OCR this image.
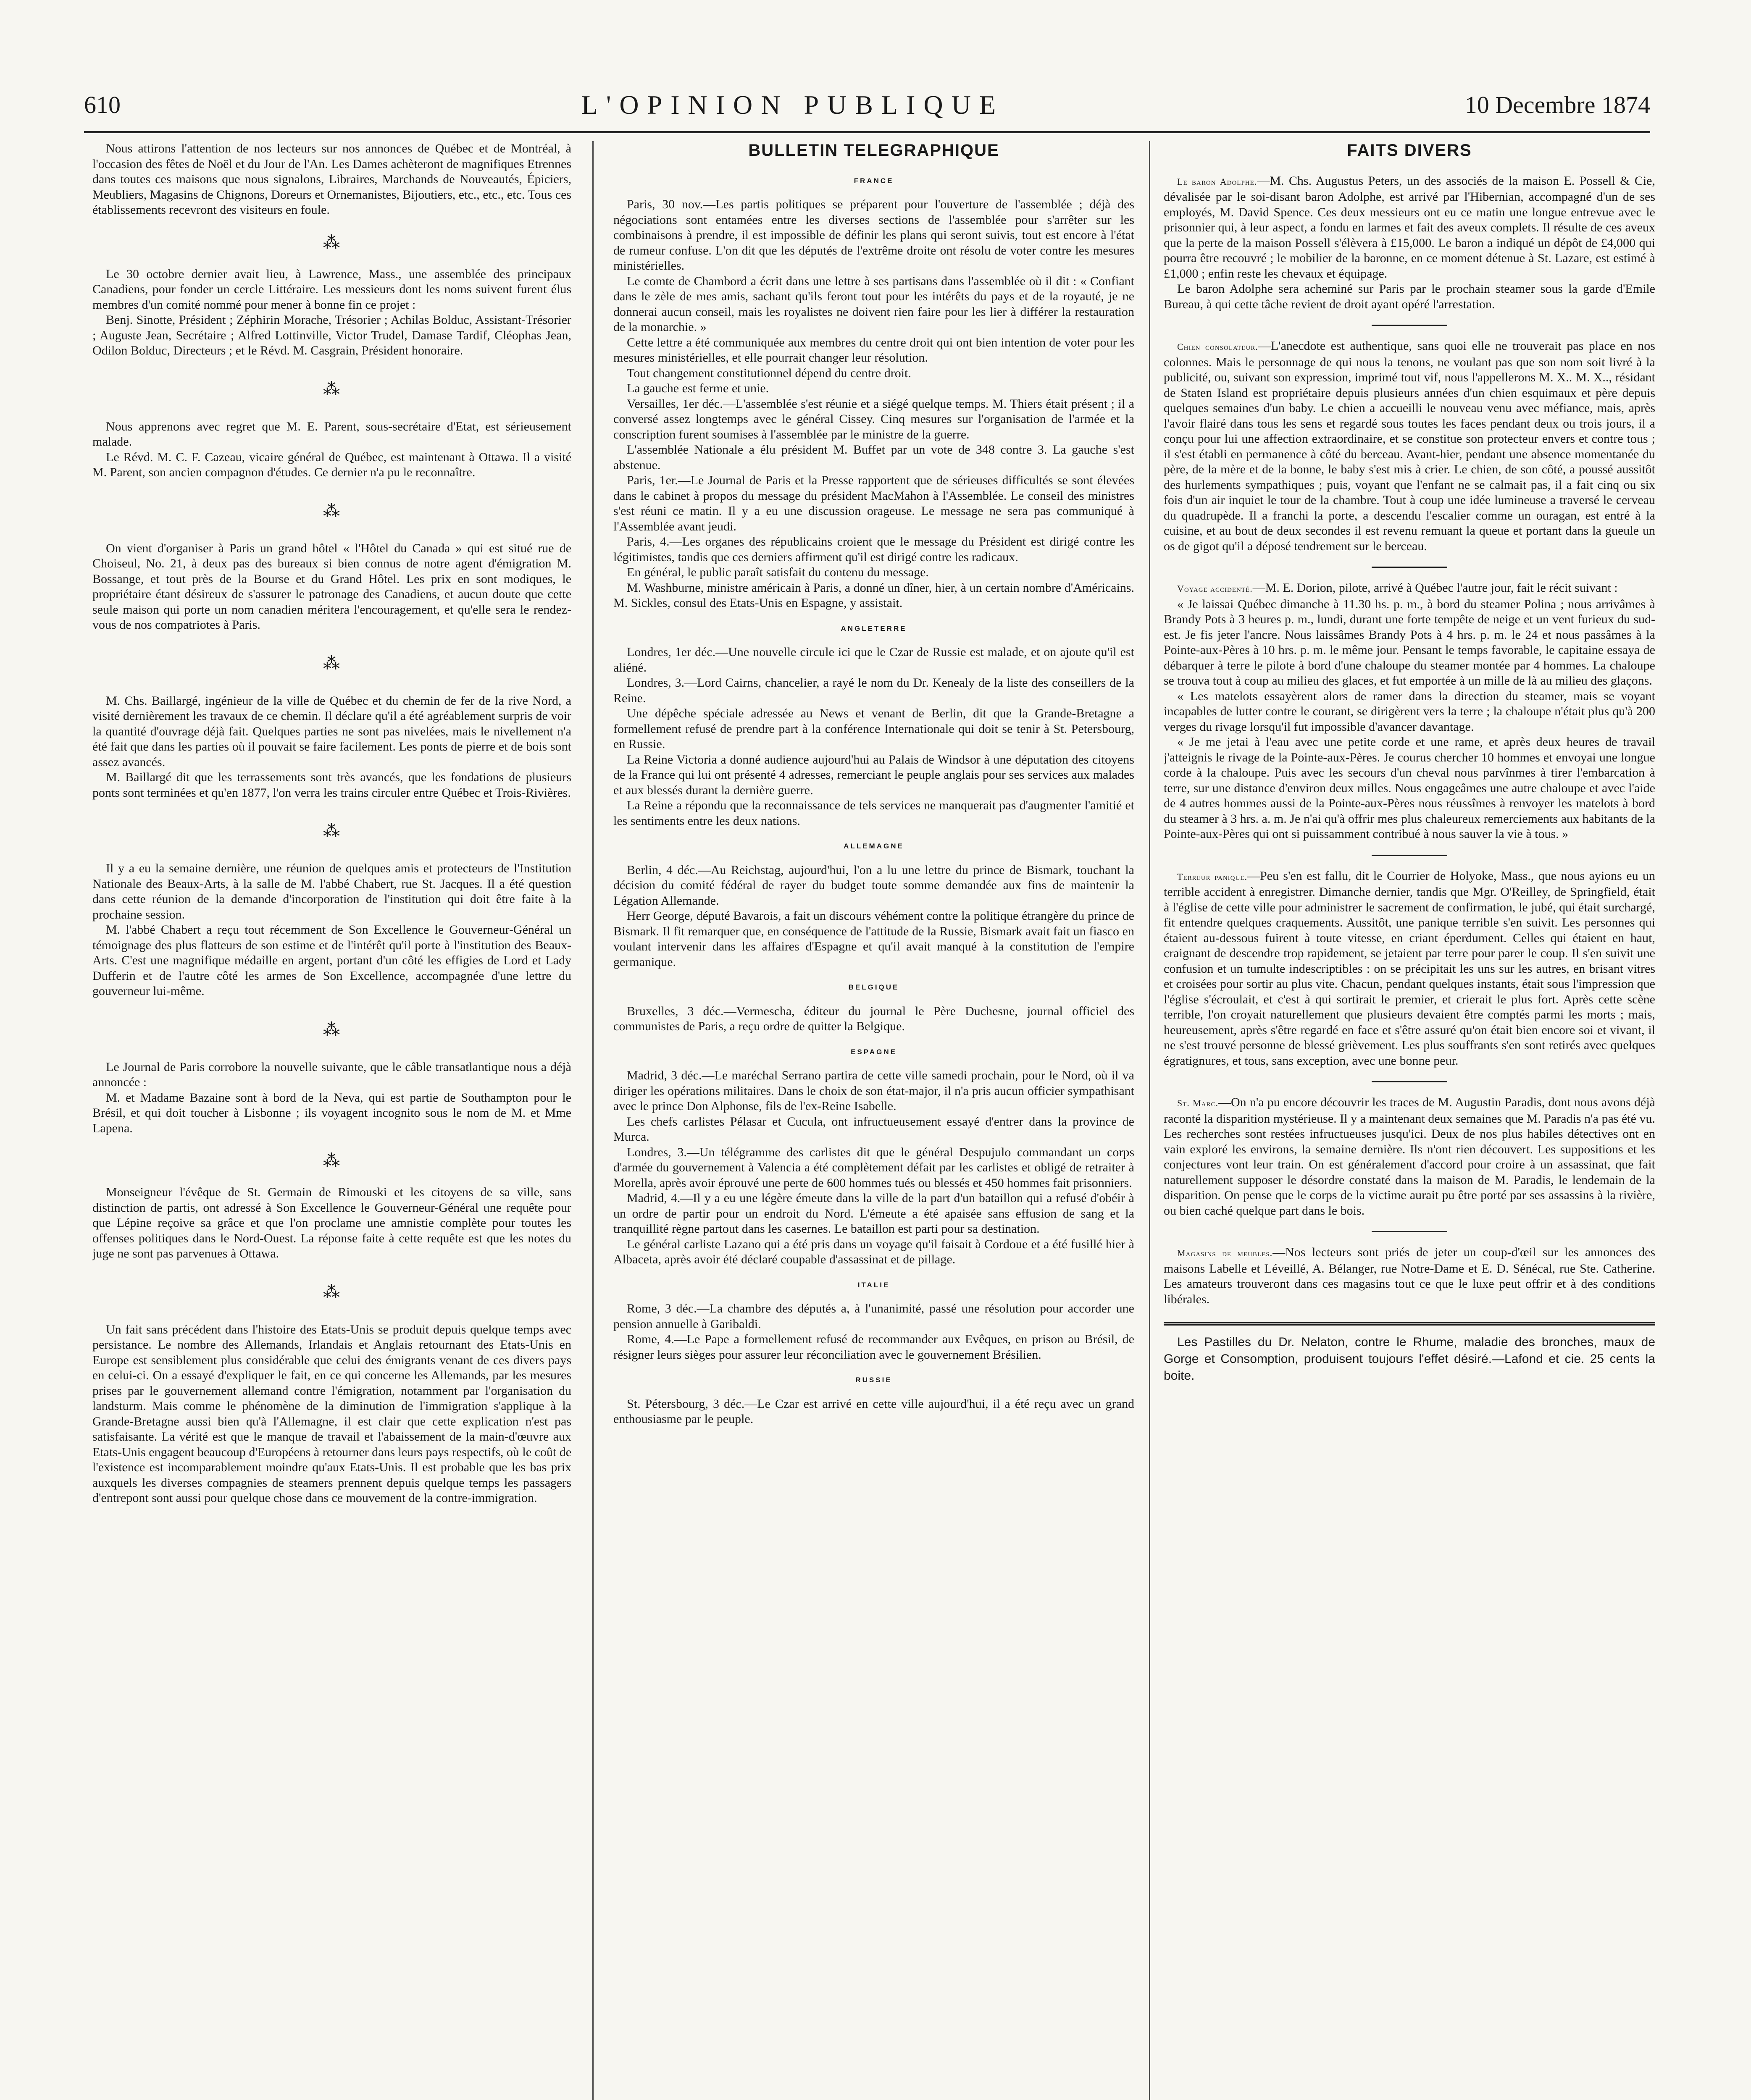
610	L'OPINION PUBLIQUE	10 Decembre 1874

Nous attirons l'attention de nos lecteurs sur nos annonces de Québec et de Montréal, à l'occasion des fêtes de Noël et du Jour de l'An. Les Dames achèteront de magnifiques Etrennes dans toutes ces maisons que nous signalons, Libraires, Marchands de Nouveautés, Épiciers, Meubliers, Magasins de Chignons, Doreurs et Ornemanistes, Bijoutiers, etc., etc., etc. Tous ces établissements recevront des visiteurs en foule.

⁂

Le 30 octobre dernier avait lieu, à Lawrence, Mass., une assemblée des principaux Canadiens, pour fonder un cercle Littéraire. Les messieurs dont les noms suivent furent élus membres d'un comité nommé pour mener à bonne fin ce projet :

Benj. Sinotte, Président ; Zéphirin Morache, Trésorier ; Achilas Bolduc, Assistant-Trésorier ; Auguste Jean, Secrétaire ; Alfred Lottinville, Victor Trudel, Damase Tardif, Cléophas Jean, Odilon Bolduc, Directeurs ; et le Révd. M. Casgrain, Président honoraire.

⁂

Nous apprenons avec regret que M. E. Parent, sous-secrétaire d'Etat, est sérieusement malade.

Le Révd. M. C. F. Cazeau, vicaire général de Québec, est maintenant à Ottawa. Il a visité M. Parent, son ancien compagnon d'études. Ce dernier n'a pu le reconnaître.

⁂

On vient d'organiser à Paris un grand hôtel « l'Hôtel du Canada » qui est situé rue de Choiseul, No. 21, à deux pas des bureaux si bien connus de notre agent d'émigration M. Bossange, et tout près de la Bourse et du Grand Hôtel. Les prix en sont modiques, le propriétaire étant désireux de s'assurer le patronage des Canadiens, et aucun doute que cette seule maison qui porte un nom canadien méritera l'encouragement, et qu'elle sera le rendez-vous de nos compatriotes à Paris.

⁂

M. Chs. Baillargé, ingénieur de la ville de Québec et du chemin de fer de la rive Nord, a visité dernièrement les travaux de ce chemin. Il déclare qu'il a été agréablement surpris de voir la quantité d'ouvrage déjà fait. Quelques parties ne sont pas nivelées, mais le nivellement n'a été fait que dans les parties où il pouvait se faire facilement. Les ponts de pierre et de bois sont assez avancés.

M. Baillargé dit que les terrassements sont très avancés, que les fondations de plusieurs ponts sont terminées et qu'en 1877, l'on verra les trains circuler entre Québec et Trois-Rivières.

⁂

Il y a eu la semaine dernière, une réunion de quelques amis et protecteurs de l'Institution Nationale des Beaux-Arts, à la salle de M. l'abbé Chabert, rue St. Jacques. Il a été question dans cette réunion de la demande d'incorporation de l'institution qui doit être faite à la prochaine session.

M. l'abbé Chabert a reçu tout récemment de Son Excellence le Gouverneur-Général un témoignage des plus flatteurs de son estime et de l'intérêt qu'il porte à l'institution des Beaux-Arts. C'est une magnifique médaille en argent, portant d'un côté les effigies de Lord et Lady Dufferin et de l'autre côté les armes de Son Excellence, accompagnée d'une lettre du gouverneur lui-même.

⁂

Le Journal de Paris corrobore la nouvelle suivante, que le câble transatlantique nous a déjà annoncée :

M. et Madame Bazaine sont à bord de la Neva, qui est partie de Southampton pour le Brésil, et qui doit toucher à Lisbonne ; ils voyagent incognito sous le nom de M. et Mme Lapena.

⁂

Monseigneur l'évêque de St. Germain de Rimouski et les citoyens de sa ville, sans distinction de partis, ont adressé à Son Excellence le Gouverneur-Général une requête pour que Lépine reçoive sa grâce et que l'on proclame une amnistie complète pour toutes les offenses politiques dans le Nord-Ouest. La réponse faite à cette requête est que les notes du juge ne sont pas parvenues à Ottawa.

⁂

Un fait sans précédent dans l'histoire des Etats-Unis se produit depuis quelque temps avec persistance. Le nombre des Allemands, Irlandais et Anglais retournant des Etats-Unis en Europe est sensiblement plus considérable que celui des émigrants venant de ces divers pays en celui-ci. On a essayé d'expliquer le fait, en ce qui concerne les Allemands, par les mesures prises par le gouvernement allemand contre l'émigration, notamment par l'organisation du landsturm. Mais comme le phénomène de la diminution de l'immigration s'applique à la Grande-Bretagne aussi bien qu'à l'Allemagne, il est clair que cette explication n'est pas satisfaisante. La vérité est que le manque de travail et l'abaissement de la main-d'œuvre aux Etats-Unis engagent beaucoup d'Européens à retourner dans leurs pays respectifs, où le coût de l'existence est incomparablement moindre qu'aux Etats-Unis. Il est probable que les bas prix auxquels les diverses compagnies de steamers prennent depuis quelque temps les passagers d'entrepont sont aussi pour quelque chose dans ce mouvement de la contre-immigration.

BULLETIN TELEGRAPHIQUE
FRANCE

Paris, 30 nov.—Les partis politiques se préparent pour l'ouverture de l'assemblée ; déjà des négociations sont entamées entre les diverses sections de l'assemblée pour s'arrêter sur les combinaisons à prendre, il est impossible de définir les plans qui seront suivis, tout est encore à l'état de rumeur confuse. L'on dit que les députés de l'extrême droite ont résolu de voter contre les mesures ministérielles.

Le comte de Chambord a écrit dans une lettre à ses partisans dans l'assemblée où il dit : « Confiant dans le zèle de mes amis, sachant qu'ils feront tout pour les intérêts du pays et de la royauté, je ne donnerai aucun conseil, mais les royalistes ne doivent rien faire pour les lier à différer la restauration de la monarchie. »

Cette lettre a été communiquée aux membres du centre droit qui ont bien intention de voter pour les mesures ministérielles, et elle pourrait changer leur résolution.

Tout changement constitutionnel dépend du centre droit.

La gauche est ferme et unie.

Versailles, 1er déc.—L'assemblée s'est réunie et a siégé quelque temps. M. Thiers était présent ; il a conversé assez longtemps avec le général Cissey. Cinq mesures sur l'organisation de l'armée et la conscription furent soumises à l'assemblée par le ministre de la guerre.

L'assemblée Nationale a élu président M. Buffet par un vote de 348 contre 3. La gauche s'est abstenue.

Paris, 1er.—Le Journal de Paris et la Presse rapportent que de sérieuses difficultés se sont élevées dans le cabinet à propos du message du président MacMahon à l'Assemblée. Le conseil des ministres s'est réuni ce matin. Il y a eu une discussion orageuse. Le message ne sera pas communiqué à l'Assemblée avant jeudi.

Paris, 4.—Les organes des républicains croient que le message du Président est dirigé contre les légitimistes, tandis que ces derniers affirment qu'il est dirigé contre les radicaux.

En général, le public paraît satisfait du contenu du message.

M. Washburne, ministre américain à Paris, a donné un dîner, hier, à un certain nombre d'Américains. M. Sickles, consul des Etats-Unis en Espagne, y assistait.

ANGLETERRE

Londres, 1er déc.—Une nouvelle circule ici que le Czar de Russie est malade, et on ajoute qu'il est aliéné.

Londres, 3.—Lord Cairns, chancelier, a rayé le nom du Dr. Kenealy de la liste des conseillers de la Reine.

Une dépêche spéciale adressée au News et venant de Berlin, dit que la Grande-Bretagne a formellement refusé de prendre part à la conférence Internationale qui doit se tenir à St. Petersbourg, en Russie.

La Reine Victoria a donné audience aujourd'hui au Palais de Windsor à une députation des citoyens de la France qui lui ont présenté 4 adresses, remerciant le peuple anglais pour ses services aux malades et aux blessés durant la dernière guerre.

La Reine a répondu que la reconnaissance de tels services ne manquerait pas d'augmenter l'amitié et les sentiments entre les deux nations.

ALLEMAGNE

Berlin, 4 déc.—Au Reichstag, aujourd'hui, l'on a lu une lettre du prince de Bismark, touchant la décision du comité fédéral de rayer du budget toute somme demandée aux fins de maintenir la Légation Allemande.

Herr George, député Bavarois, a fait un discours véhément contre la politique étrangère du prince de Bismark. Il fit remarquer que, en conséquence de l'attitude de la Russie, Bismark avait fait un fiasco en voulant intervenir dans les affaires d'Espagne et qu'il avait manqué à la constitution de l'empire germanique.

BELGIQUE

Bruxelles, 3 déc.—Vermescha, éditeur du journal le Père Duchesne, journal officiel des communistes de Paris, a reçu ordre de quitter la Belgique.

ESPAGNE

Madrid, 3 déc.—Le maréchal Serrano partira de cette ville samedi prochain, pour le Nord, où il va diriger les opérations militaires. Dans le choix de son état-major, il n'a pris aucun officier sympathisant avec le prince Don Alphonse, fils de l'ex-Reine Isabelle.

Les chefs carlistes Pélasar et Cucula, ont infructueusement essayé d'entrer dans la province de Murca.

Londres, 3.—Un télégramme des carlistes dit que le général Despujulo commandant un corps d'armée du gouvernement à Valencia a été complètement défait par les carlistes et obligé de retraiter à Morella, après avoir éprouvé une perte de 600 hommes tués ou blessés et 450 hommes fait prisonniers.

Madrid, 4.—Il y a eu une légère émeute dans la ville de la part d'un bataillon qui a refusé d'obéir à un ordre de partir pour un endroit du Nord. L'émeute a été apaisée sans effusion de sang et la tranquillité règne partout dans les casernes. Le bataillon est parti pour sa destination.

Le général carliste Lazano qui a été pris dans un voyage qu'il faisait à Cordoue et a été fusillé hier à Albaceta, après avoir été déclaré coupable d'assassinat et de pillage.

ITALIE

Rome, 3 déc.—La chambre des députés a, à l'unanimité, passé une résolution pour accorder une pension annuelle à Garibaldi.

Rome, 4.—Le Pape a formellement refusé de recommander aux Evêques, en prison au Brésil, de résigner leurs sièges pour assurer leur réconciliation avec le gouvernement Brésilien.

RUSSIE

St. Pétersbourg, 3 déc.—Le Czar est arrivé en cette ville aujourd'hui, il a été reçu avec un grand enthousiasme par le peuple.

FAITS DIVERS

Le baron Adolphe.—M. Chs. Augustus Peters, un des associés de la maison E. Possell & Cie, dévalisée par le soi-disant baron Adolphe, est arrivé par l'Hibernian, accompagné d'un de ses employés, M. David Spence. Ces deux messieurs ont eu ce matin une longue entrevue avec le prisonnier qui, à leur aspect, a fondu en larmes et fait des aveux complets. Il résulte de ces aveux que la perte de la maison Possell s'élèvera à £15,000. Le baron a indiqué un dépôt de £4,000 qui pourra être recouvré ; le mobilier de la baronne, en ce moment détenue à St. Lazare, est estimé à £1,000 ; enfin reste les chevaux et équipage.

Le baron Adolphe sera acheminé sur Paris par le prochain steamer sous la garde d'Emile Bureau, à qui cette tâche revient de droit ayant opéré l'arrestation.

Chien consolateur.—L'anecdote est authentique, sans quoi elle ne trouverait pas place en nos colonnes. Mais le personnage de qui nous la tenons, ne voulant pas que son nom soit livré à la publicité, ou, suivant son expression, imprimé tout vif, nous l'appellerons M. X.. M. X.., résidant de Staten Island est propriétaire depuis plusieurs années d'un chien esquimaux et père depuis quelques semaines d'un baby. Le chien a accueilli le nouveau venu avec méfiance, mais, après l'avoir flairé dans tous les sens et regardé sous toutes les faces pendant deux ou trois jours, il a conçu pour lui une affection extraordinaire, et se constitue son protecteur envers et contre tous ; il s'est établi en permanence à côté du berceau. Avant-hier, pendant une absence momentanée du père, de la mère et de la bonne, le baby s'est mis à crier. Le chien, de son côté, a poussé aussitôt des hurlements sympathiques ; puis, voyant que l'enfant ne se calmait pas, il a fait cinq ou six fois d'un air inquiet le tour de la chambre. Tout à coup une idée lumineuse a traversé le cerveau du quadrupède. Il a franchi la porte, a descendu l'escalier comme un ouragan, est entré à la cuisine, et au bout de deux secondes il est revenu remuant la queue et portant dans la gueule un os de gigot qu'il a déposé tendrement sur le berceau.

Voyage accidenté.—M. E. Dorion, pilote, arrivé à Québec l'autre jour, fait le récit suivant :

« Je laissai Québec dimanche à 11.30 hs. p. m., à bord du steamer Polina ; nous arrivâmes à Brandy Pots à 3 heures p. m., lundi, durant une forte tempête de neige et un vent furieux du sud-est. Je fis jeter l'ancre. Nous laissâmes Brandy Pots à 4 hrs. p. m. le 24 et nous passâmes à la Pointe-aux-Pères à 10 hrs. p. m. le même jour. Pensant le temps favorable, le capitaine essaya de débarquer à terre le pilote à bord d'une chaloupe du steamer montée par 4 hommes. La chaloupe se trouva tout à coup au milieu des glaces, et fut emportée à un mille de là au milieu des glaçons.

« Les matelots essayèrent alors de ramer dans la direction du steamer, mais se voyant incapables de lutter contre le courant, se dirigèrent vers la terre ; la chaloupe n'était plus qu'à 200 verges du rivage lorsqu'il fut impossible d'avancer davantage.

« Je me jetai à l'eau avec une petite corde et une rame, et après deux heures de travail j'atteignis le rivage de la Pointe-aux-Pères. Je courus chercher 10 hommes et envoyai une longue corde à la chaloupe. Puis avec les secours d'un cheval nous parvînmes à tirer l'embarcation à terre, sur une distance d'environ deux milles. Nous engageâmes une autre chaloupe et avec l'aide de 4 autres hommes aussi de la Pointe-aux-Pères nous réussîmes à renvoyer les matelots à bord du steamer à 3 hrs. a. m. Je n'ai qu'à offrir mes plus chaleureux remerciements aux habitants de la Pointe-aux-Pères qui ont si puissamment contribué à nous sauver la vie à tous. »

Terreur panique.—Peu s'en est fallu, dit le Courrier de Holyoke, Mass., que nous ayions eu un terrible accident à enregistrer. Dimanche dernier, tandis que Mgr. O'Reilley, de Springfield, était à l'église de cette ville pour administrer le sacrement de confirmation, le jubé, qui était surchargé, fit entendre quelques craquements. Aussitôt, une panique terrible s'en suivit. Les personnes qui étaient au-dessous fuirent à toute vitesse, en criant éperdument. Celles qui étaient en haut, craignant de descendre trop rapidement, se jetaient par terre pour parer le coup. Il s'en suivit une confusion et un tumulte indescriptibles : on se précipitait les uns sur les autres, en brisant vitres et croisées pour sortir au plus vite. Chacun, pendant quelques instants, était sous l'impression que l'église s'écroulait, et c'est à qui sortirait le premier, et crierait le plus fort. Après cette scène terrible, l'on croyait naturellement que plusieurs devaient être comptés parmi les morts ; mais, heureusement, après s'être regardé en face et s'être assuré qu'on était bien encore soi et vivant, il ne s'est trouvé personne de blessé grièvement. Les plus souffrants s'en sont retirés avec quelques égratignures, et tous, sans exception, avec une bonne peur.

St. Marc.—On n'a pu encore découvrir les traces de M. Augustin Paradis, dont nous avons déjà raconté la disparition mystérieuse. Il y a maintenant deux semaines que M. Paradis n'a pas été vu. Les recherches sont restées infructueuses jusqu'ici. Deux de nos plus habiles détectives ont en vain exploré les environs, la semaine dernière. Ils n'ont rien découvert. Les suppositions et les conjectures vont leur train. On est généralement d'accord pour croire à un assassinat, que fait naturellement supposer le désordre constaté dans la maison de M. Paradis, le lendemain de la disparition. On pense que le corps de la victime aurait pu être porté par ses assassins à la rivière, ou bien caché quelque part dans le bois.

Magasins de meubles.—Nos lecteurs sont priés de jeter un coup-d'œil sur les annonces des maisons Labelle et Léveillé, A. Bélanger, rue Notre-Dame et E. D. Sénécal, rue Ste. Catherine. Les amateurs trouveront dans ces magasins tout ce que le luxe peut offrir et à des conditions libérales.

Les Pastilles du Dr. Nelaton, contre le Rhume, maladie des bronches, maux de Gorge et Consomption, produisent toujours l'effet désiré.—Lafond et cie. 25 cents la boite.
